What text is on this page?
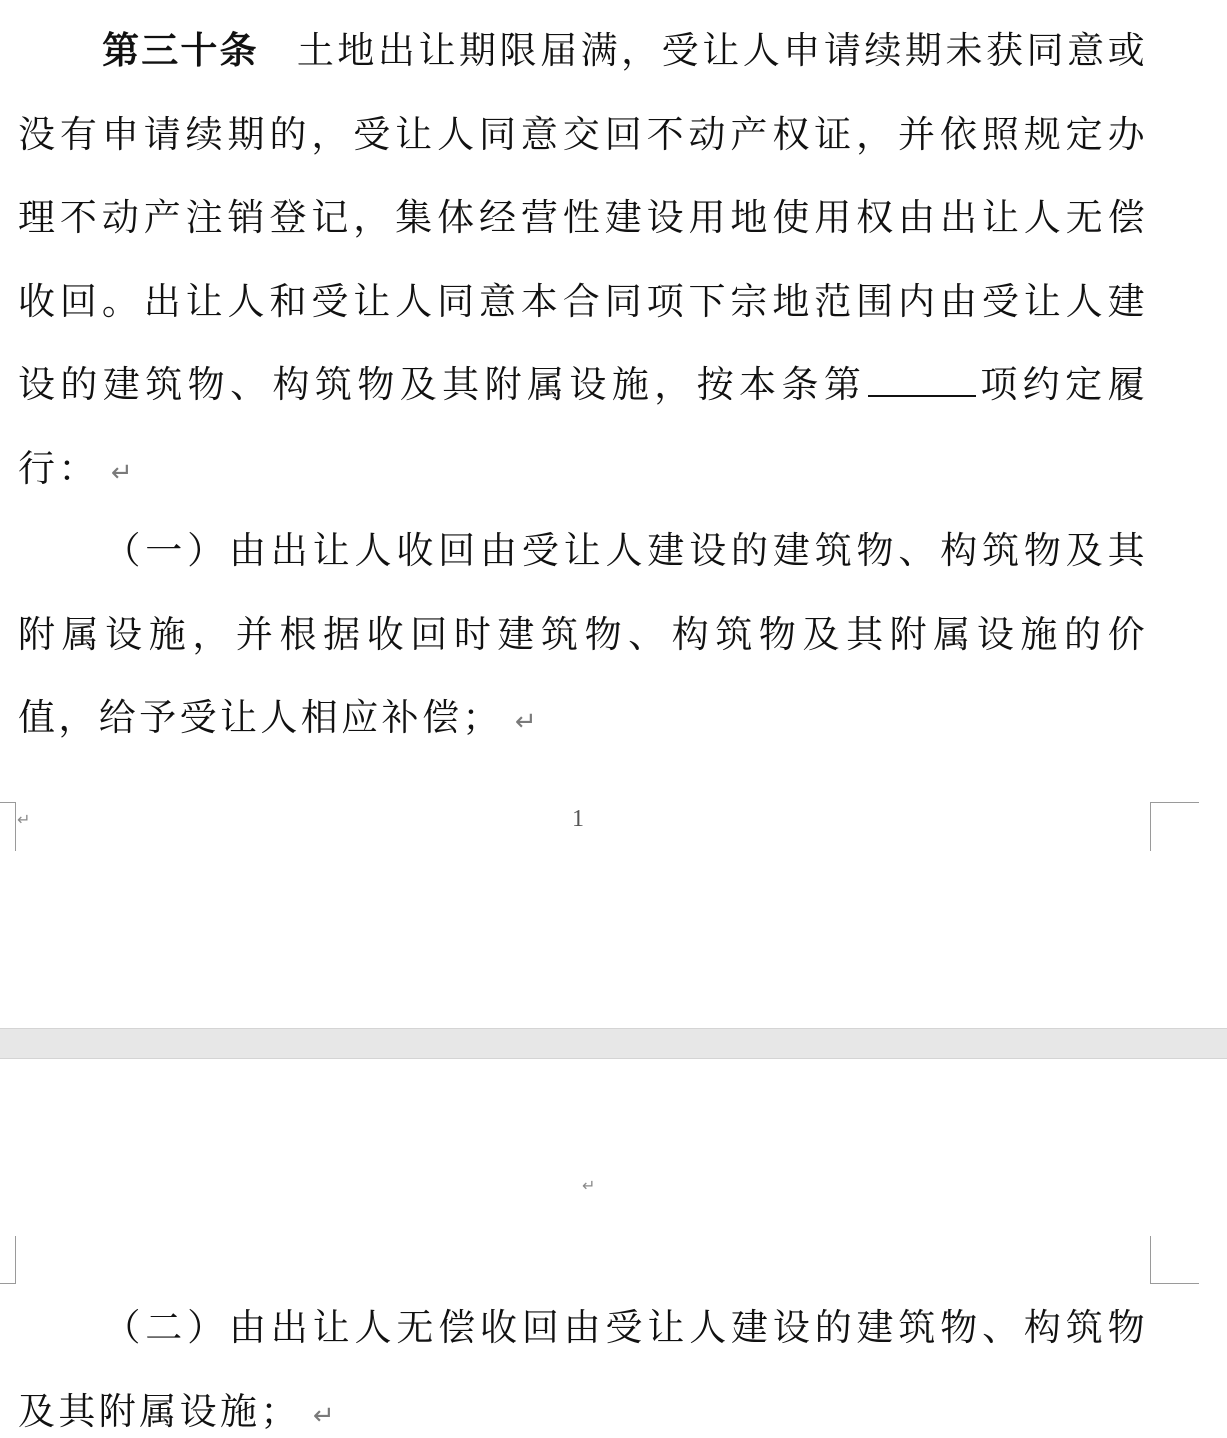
第三十条 土地出让期限届满，受让人申请续期未获同意或没有申请续期的，受让人同意交回不动产权证，并依照规定办理不动产注销登记，集体经营性建设用地使用权由出让人无偿收回。出让人和受让人同意本合同项下宗地范围内由受让人建设的建筑物、构筑物及其附属设施，按本条第	项约定履行： ↵

（一）由出让人收回由受让人建设的建筑物、构筑物及其附属设施，并根据收回时建筑物、构筑物及其附属设施的价值，给予受让人相应补偿； ↵

↵	1
↵

（二）由出让人无偿收回由受让人建设的建筑物、构筑物及其附属设施； ↵
